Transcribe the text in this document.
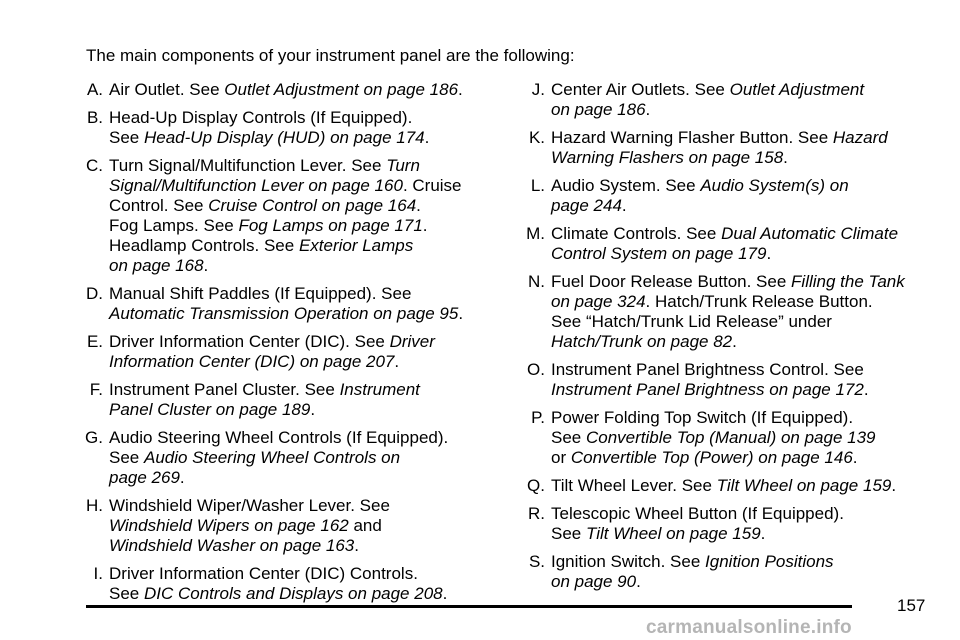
The main components of your instrument panel are the following:
A. Air Outlet. See Outlet Adjustment on page 186.
B. Head-Up Display Controls (If Equipped).
See Head-Up Display (HUD) on page 174.
C. Turn Signal/Multifunction Lever. See Turn
Signal/Multifunction Lever on page 160. Cruise
Control. See Cruise Control on page 164.
Fog Lamps. See Fog Lamps on page 171.
Headlamp Controls. See Exterior Lamps
on page 168.
D. Manual Shift Paddles (If Equipped). See
Automatic Transmission Operation on page 95.
E. Driver Information Center (DIC). See Driver
Information Center (DIC) on page 207.
F. Instrument Panel Cluster. See Instrument
Panel Cluster on page 189.
G. Audio Steering Wheel Controls (If Equipped).
See Audio Steering Wheel Controls on
page 269.
H. Windshield Wiper/Washer Lever. See
Windshield Wipers on page 162 and
Windshield Washer on page 163.
I. Driver Information Center (DIC) Controls.
See DIC Controls and Displays on page 208.
J. Center Air Outlets. See Outlet Adjustment
on page 186.
K. Hazard Warning Flasher Button. See Hazard
Warning Flashers on page 158.
L. Audio System. See Audio System(s) on
page 244.
M. Climate Controls. See Dual Automatic Climate
Control System on page 179.
N. Fuel Door Release Button. See Filling the Tank
on page 324. Hatch/Trunk Release Button.
See “Hatch/Trunk Lid Release” under
Hatch/Trunk on page 82.
O. Instrument Panel Brightness Control. See
Instrument Panel Brightness on page 172.
P. Power Folding Top Switch (If Equipped).
See Convertible Top (Manual) on page 139
or Convertible Top (Power) on page 146.
Q. Tilt Wheel Lever. See Tilt Wheel on page 159.
R. Telescopic Wheel Button (If Equipped).
See Tilt Wheel on page 159.
S. Ignition Switch. See Ignition Positions
on page 90.
157
carmanualsonline.info
